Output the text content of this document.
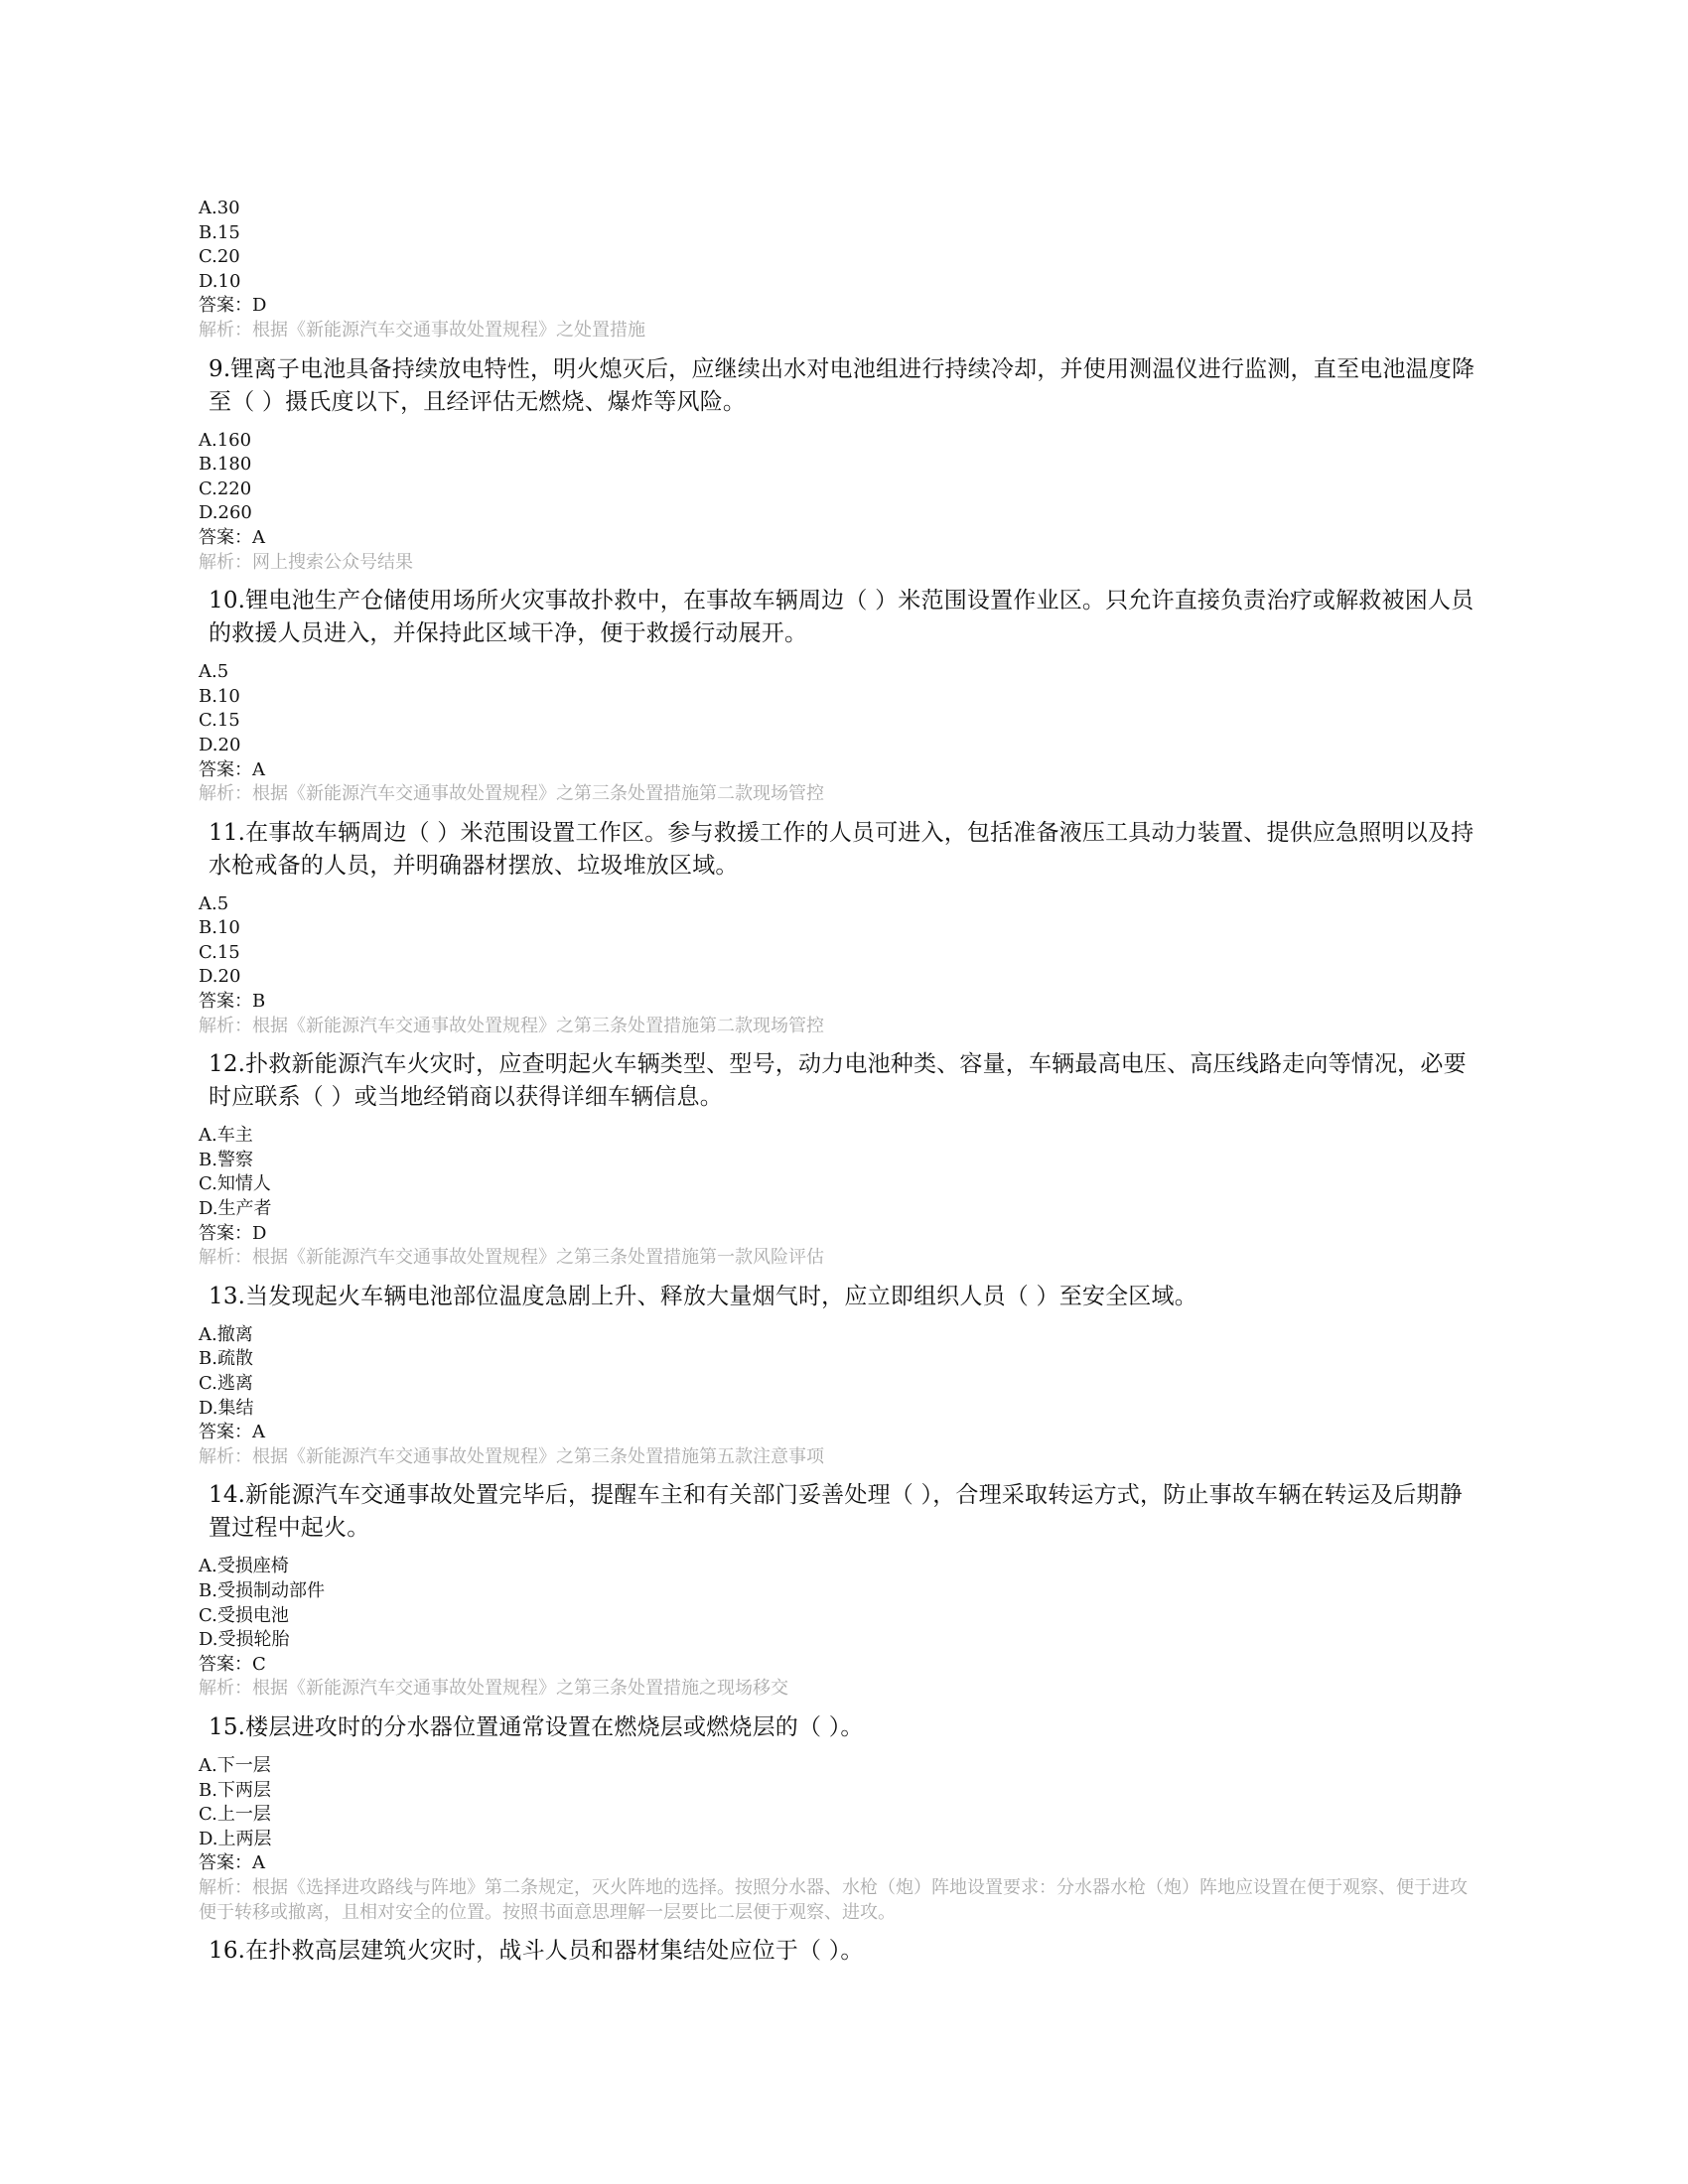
A.30
B.15
C.20
D.10
答案：D
解析：根据《新能源汽车交通事故处置规程》之处置措施
9.锂离子电池具备持续放电特性，明火熄灭后，应继续出水对电池组进行持续冷却，并使用测温仪进行监测，直至电池温度降至（ ）摄氏度以下，且经评估无燃烧、爆炸等风险。
A.160
B.180
C.220
D.260
答案：A
解析：网上搜索公众号结果
10.锂电池生产仓储使用场所火灾事故扑救中，在事故车辆周边（ ）米范围设置作业区。只允许直接负责治疗或解救被困人员的救援人员进入，并保持此区域干净，便于救援行动展开。
A.5
B.10
C.15
D.20
答案：A
解析：根据《新能源汽车交通事故处置规程》之第三条处置措施第二款现场管控
11.在事故车辆周边（ ）米范围设置工作区。参与救援工作的人员可进入，包括准备液压工具动力装置、提供应急照明以及持水枪戒备的人员，并明确器材摆放、垃圾堆放区域。
A.5
B.10
C.15
D.20
答案：B
解析：根据《新能源汽车交通事故处置规程》之第三条处置措施第二款现场管控
12.扑救新能源汽车火灾时，应查明起火车辆类型、型号，动力电池种类、容量，车辆最高电压、高压线路走向等情况，必要时应联系（ ）或当地经销商以获得详细车辆信息。
A.车主
B.警察
C.知情人
D.生产者
答案：D
解析：根据《新能源汽车交通事故处置规程》之第三条处置措施第一款风险评估
13.当发现起火车辆电池部位温度急剧上升、释放大量烟气时，应立即组织人员（ ）至安全区域。
A.撤离
B.疏散
C.逃离
D.集结
答案：A
解析：根据《新能源汽车交通事故处置规程》之第三条处置措施第五款注意事项
14.新能源汽车交通事故处置完毕后，提醒车主和有关部门妥善处理（ ），合理采取转运方式，防止事故车辆在转运及后期静置过程中起火。
A.受损座椅
B.受损制动部件
C.受损电池
D.受损轮胎
答案：C
解析：根据《新能源汽车交通事故处置规程》之第三条处置措施之现场移交
15.楼层进攻时的分水器位置通常设置在燃烧层或燃烧层的（ ）。
A.下一层
B.下两层
C.上一层
D.上两层
答案：A
解析：根据《选择进攻路线与阵地》第二条规定，灭火阵地的选择。按照分水器、水枪（炮）阵地设置要求：分水器水枪（炮）阵地应设置在便于观察、便于进攻便于转移或撤离，且相对安全的位置。按照书面意思理解一层要比二层便于观察、进攻。
16.在扑救高层建筑火灾时，战斗人员和器材集结处应位于（ ）。
